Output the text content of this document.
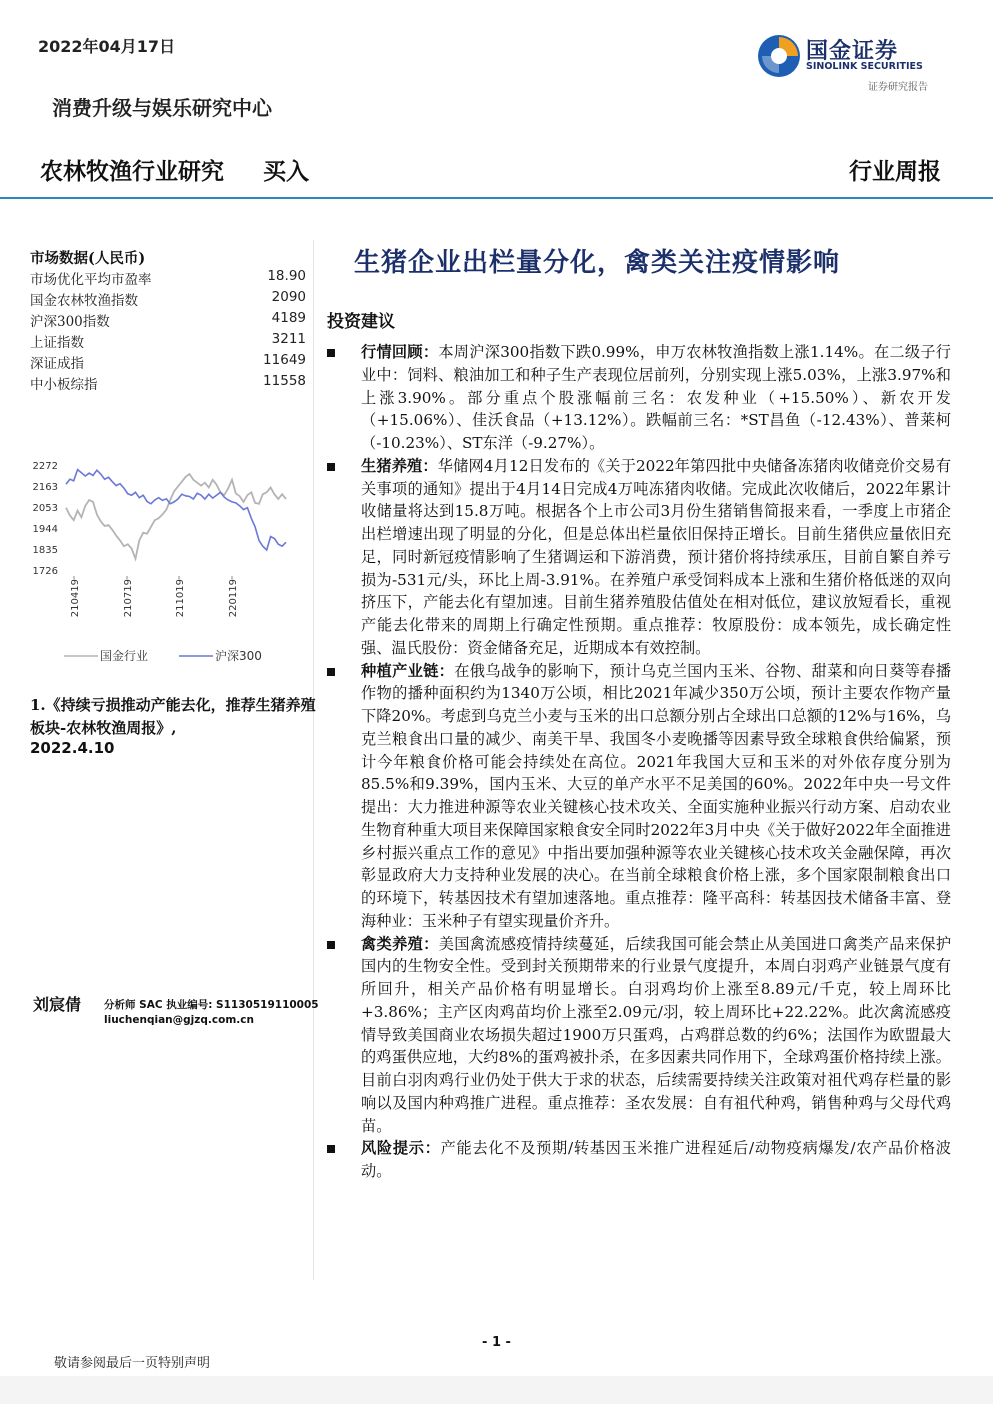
2022年04月17日	国金证券
SINOLINK SECURITIES
证券研究报告
消费升级与娱乐研究中心
农林牧渔行业研究 买入	行业周报
市场数据(人民币)
市场优化平均市盈率	18.90
国金农林牧渔指数	2090
沪深300指数	4189
上证指数	3211
深证成指	11649
中小板综指	11558
2272
2163
2053
1944
1835
1726
210419	210719	211019	220119
国金行业	沪深300
1.《持续亏损推动产能去化，推荐生猪养殖板块-农林牧渔周报》,
2022.4.10
刘宸倩 分析师 SAC 执业编号: S1130519110005
liuchenqian@gjzq.com.cn
生猪企业出栏量分化，禽类关注疫情影响
投资建议
行情回顾：本周沪深300指数下跌0.99%，申万农林牧渔指数上涨1.14%。在二级子行业中：饲料、粮油加工和种子生产表现位居前列，分别实现上涨5.03%，上涨3.97%和上涨3.90%。部分重点个股涨幅前三名：农发种业（+15.50%）、新农开发（+15.06%）、佳沃食品（+13.12%）。跌幅前三名：*ST昌鱼（-12.43%）、普莱柯（-10.23%）、ST东洋（-9.27%）。
生猪养殖：华储网4月12日发布的《关于2022年第四批中央储备冻猪肉收储竞价交易有关事项的通知》提出于4月14日完成4万吨冻猪肉收储。完成此次收储后，2022年累计收储量将达到15.8万吨。根据各个上市公司3月份生猪销售简报来看，一季度上市猪企出栏增速出现了明显的分化，但是总体出栏量依旧保持正增长。目前生猪供应量依旧充足，同时新冠疫情影响了生猪调运和下游消费，预计猪价将持续承压，目前自繁自养亏损为-531元/头，环比上周-3.91%。在养殖户承受饲料成本上涨和生猪价格低迷的双向挤压下，产能去化有望加速。目前生猪养殖股估值处在相对低位，建议放短看长，重视产能去化带来的周期上行确定性预期。重点推荐：牧原股份：成本领先，成长确定性强、温氏股份：资金储备充足，近期成本有效控制。
种植产业链：在俄乌战争的影响下，预计乌克兰国内玉米、谷物、甜菜和向日葵等春播作物的播种面积约为1340万公顷，相比2021年减少350万公顷，预计主要农作物产量下降20%。考虑到乌克兰小麦与玉米的出口总额分别占全球出口总额的12%与16%，乌克兰粮食出口量的减少、南美干旱、我国冬小麦晚播等因素导致全球粮食供给偏紧，预计今年粮食价格可能会持续处在高位。2021年我国大豆和玉米的对外依存度分别为85.5%和9.39%，国内玉米、大豆的单产水平不足美国的60%。2022年中央一号文件提出：大力推进种源等农业关键核心技术攻关、全面实施种业振兴行动方案、启动农业生物育种重大项目来保障国家粮食安全同时2022年3月中央《关于做好2022年全面推进乡村振兴重点工作的意见》中指出要加强种源等农业关键核心技术攻关金融保障，再次彰显政府大力支持种业发展的决心。在当前全球粮食价格上涨，多个国家限制粮食出口的环境下，转基因技术有望加速落地。重点推荐：隆平高科：转基因技术储备丰富、登海种业：玉米种子有望实现量价齐升。
禽类养殖：美国禽流感疫情持续蔓延，后续我国可能会禁止从美国进口禽类产品来保护国内的生物安全性。受到封关预期带来的行业景气度提升，本周白羽鸡产业链景气度有所回升，相关产品价格有明显增长。白羽鸡均价上涨至8.89元/千克，较上周环比+3.86%；主产区肉鸡苗均价上涨至2.09元/羽，较上周环比+22.22%。此次禽流感疫情导致美国商业农场损失超过1900万只蛋鸡，占鸡群总数的约6%；法国作为欧盟最大的鸡蛋供应地，大约8%的蛋鸡被扑杀，在多因素共同作用下，全球鸡蛋价格持续上涨。目前白羽肉鸡行业仍处于供大于求的状态，后续需要持续关注政策对祖代鸡存栏量的影响以及国内种鸡推广进程。重点推荐：圣农发展：自有祖代种鸡，销售种鸡与父母代鸡苗。
风险提示：产能去化不及预期/转基因玉米推广进程延后/动物疫病爆发/农产品价格波动。
- 1 -
敬请参阅最后一页特别声明
